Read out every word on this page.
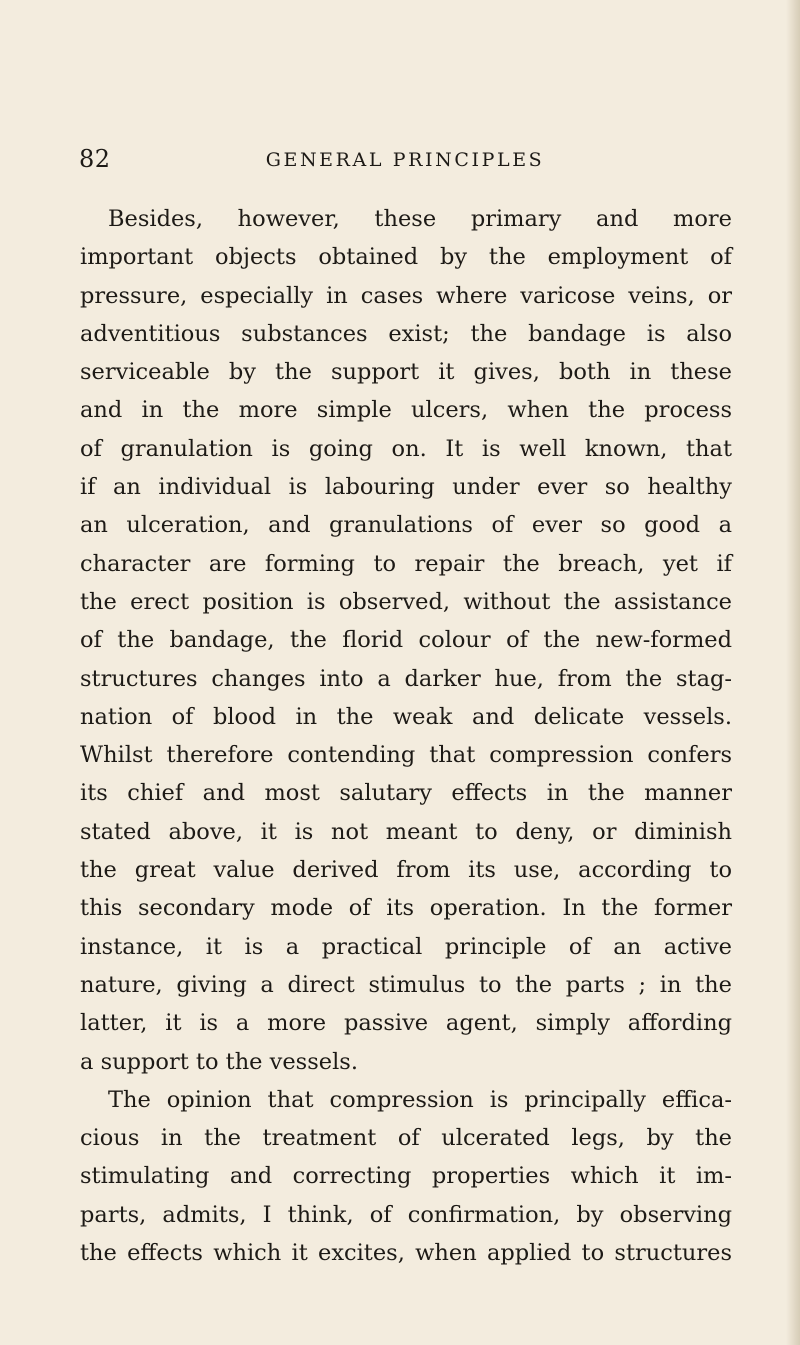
82	GENERAL PRINCIPLES
Besides, however, these primary and more
important objects obtained by the employment of
pressure, especially in cases where varicose veins, or
adventitious substances exist; the bandage is also
serviceable by the support it gives, both in these
and in the more simple ulcers, when the process
of granulation is going on. It is well known, that
if an individual is labouring under ever so healthy
an ulceration, and granulations of ever so good a
character are forming to repair the breach, yet if
the erect position is observed, without the assistance
of the bandage, the florid colour of the new-formed
structures changes into a darker hue, from the stag-
nation of blood in the weak and delicate vessels.
Whilst therefore contending that compression confers
its chief and most salutary effects in the manner
stated above, it is not meant to deny, or diminish
the great value derived from its use, according to
this secondary mode of its operation. In the former
instance, it is a practical principle of an active
nature, giving a direct stimulus to the parts ; in the
latter, it is a more passive agent, simply affording
a support to the vessels.
The opinion that compression is principally effica-
cious in the treatment of ulcerated legs, by the
stimulating and correcting properties which it im-
parts, admits, I think, of confirmation, by observing
the effects which it excites, when applied to structures
